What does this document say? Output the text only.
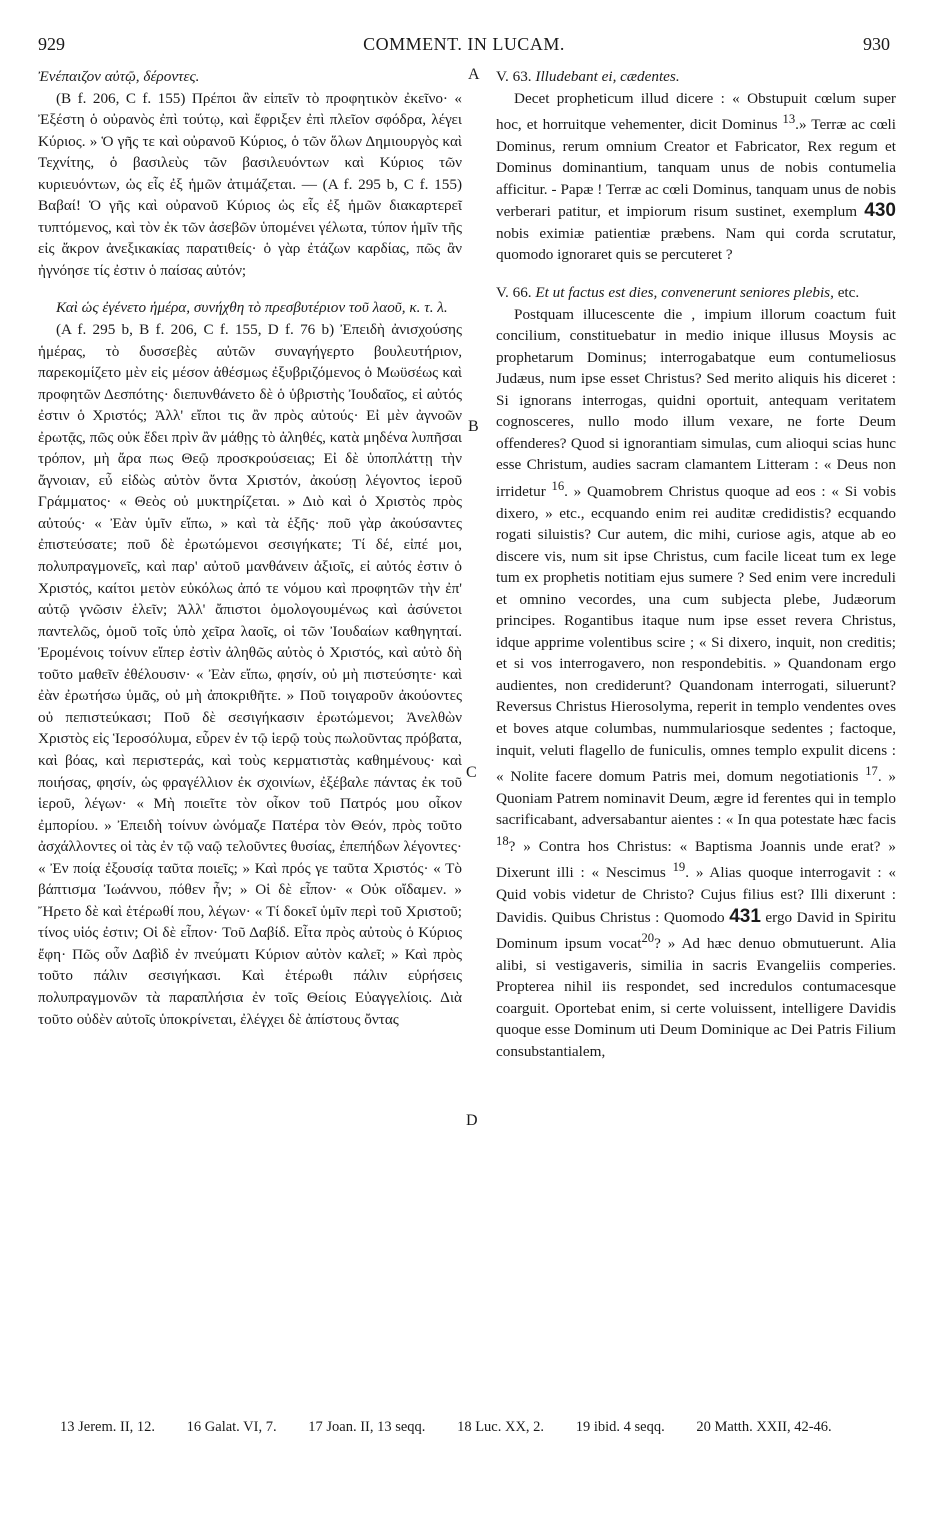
929	COMMENT. IN LUCAM.	930
A
B
C
D

Ἐνέπαιζον αὐτῷ, δέροντες.

(B f. 206, C f. 155) Πρέποι ἂν εἰπεῖν τὸ προφητικὸν ἐκεῖνο· « Ἐξέστη ὁ οὐρανὸς ἐπὶ τούτῳ, καὶ ἔφριξεν ἐπὶ πλεῖον σφόδρα, λέγει Κύριος. » Ὁ γῆς τε καὶ οὐρανοῦ Κύριος, ὁ τῶν ὅλων Δημιουργὸς καὶ Τεχνίτης, ὁ βασιλεὺς τῶν βασιλευόντων καὶ Κύριος τῶν κυριευόντων, ὡς εἷς ἐξ ἡμῶν ἀτιμάζεται. — (A f. 295 b, C f. 155) Βαβαί! Ὁ γῆς καὶ οὐρανοῦ Κύριος ὡς εἷς ἐξ ἡμῶν διακαρτερεῖ τυπτόμενος, καὶ τὸν ἐκ τῶν ἀσεβῶν ὑπομένει γέλωτα, τύπον ἡμῖν τῆς εἰς ἄκρον ἀνεξικακίας παρατιθείς· ὁ γὰρ ἐτάζων καρδίας, πῶς ἂν ἠγνόησε τίς ἐστιν ὁ παίσας αὐτόν;

Καὶ ὡς ἐγένετο ἡμέρα, συνήχθη τὸ πρεσβυτέριον τοῦ λαοῦ, κ. τ. λ.

(A f. 295 b, B f. 206, C f. 155, D f. 76 b) Ἐπειδὴ ἀνισχούσης ἡμέρας, τὸ δυσσεβὲς αὐτῶν συναγήγερτο βουλευτήριον, παρεκομίζετο μὲν εἰς μέσον ἀθέσμως ἐξυβριζόμενος ὁ Μωϋσέως καὶ προφητῶν Δεσπότης· διεπυνθάνετο δὲ ὁ ὑβριστὴς Ἰουδαῖος, εἰ αὐτός ἐστιν ὁ Χριστός; Ἀλλ' εἴποι τις ἂν πρὸς αὐτούς· Εἰ μὲν ἀγνοῶν ἐρωτᾷς, πῶς οὐκ ἔδει πρὶν ἂν μάθῃς τὸ ἀληθές, κατὰ μηδένα λυπῆσαι τρόπον, μὴ ἄρα πως Θεῷ προσκρούσειας; Εἰ δὲ ὑποπλάττῃ τὴν ἄγνοιαν, εὖ εἰδὼς αὐτὸν ὄντα Χριστόν, ἀκούσῃ λέγοντος ἱεροῦ Γράμματος· « Θεὸς οὐ μυκτηρίζεται. » Διὸ καὶ ὁ Χριστὸς πρὸς αὐτούς· « Ἐὰν ὑμῖν εἴπω, » καὶ τὰ ἑξῆς· ποῦ γὰρ ἀκούσαντες ἐπιστεύσατε; ποῦ δὲ ἐρωτώμενοι σεσιγήκατε; Τί δέ, εἰπέ μοι, πολυπραγμονεῖς, καὶ παρ' αὐτοῦ μανθάνειν ἀξιοῖς, εἰ αὐτός ἐστιν ὁ Χριστός, καίτοι μετὸν εὐκόλως ἀπό τε νόμου καὶ προφητῶν τὴν ἐπ' αὐτῷ γνῶσιν ἑλεῖν; Ἀλλ' ἄπιστοι ὁμολογουμένως καὶ ἀσύνετοι παντελῶς, ὁμοῦ τοῖς ὑπὸ χεῖρα λαοῖς, οἱ τῶν Ἰουδαίων καθηγηταί. Ἐρομένοις τοίνυν εἴπερ ἐστὶν ἀληθῶς αὐτὸς ὁ Χριστός, καὶ αὐτὸ δὴ τοῦτο μαθεῖν ἐθέλουσιν· « Ἐὰν εἴπω, φησίν, οὐ μὴ πιστεύσητε· καὶ ἐὰν ἐρωτήσω ὑμᾶς, οὐ μὴ ἀποκριθῆτε. » Ποῦ τοιγαροῦν ἀκούοντες οὐ πεπιστεύκασι; Ποῦ δὲ σεσιγήκασιν ἐρωτώμενοι; Ἀνελθὼν Χριστὸς εἰς Ἱεροσόλυμα, εὗρεν ἐν τῷ ἱερῷ τοὺς πωλοῦντας πρόβατα, καὶ βόας, καὶ περιστεράς, καὶ τοὺς κερματιστὰς καθημένους· καὶ ποιήσας, φησίν, ὡς φραγέλλιον ἐκ σχοινίων, ἐξέβαλε πάντας ἐκ τοῦ ἱεροῦ, λέγων· « Μὴ ποιεῖτε τὸν οἶκον τοῦ Πατρός μου οἶκον ἐμπορίου. » Ἐπειδὴ τοίνυν ὠνόμαζε Πατέρα τὸν Θεόν, πρὸς τοῦτο ἀσχάλλοντες οἱ τὰς ἐν τῷ ναῷ τελοῦντες θυσίας, ἐπεπήδων λέγοντες· « Ἐν ποίᾳ ἐξουσίᾳ ταῦτα ποιεῖς; » Καὶ πρός γε ταῦτα Χριστός· « Τὸ βάπτισμα Ἰωάννου, πόθεν ἦν; » Οἱ δὲ εἶπον· « Οὐκ οἴδαμεν. » Ἤρετο δὲ καὶ ἑτέρωθί που, λέγων· « Τί δοκεῖ ὑμῖν περὶ τοῦ Χριστοῦ; τίνος υἱός ἐστιν; Οἱ δὲ εἶπον· Τοῦ Δαβίδ. Εἶτα πρὸς αὐτοὺς ὁ Κύριος ἔφη· Πῶς οὖν Δαβὶδ ἐν πνεύματι Κύριον αὐτὸν καλεῖ; » Καὶ πρὸς τοῦτο πάλιν σεσιγήκασι. Καὶ ἑτέρωθι πάλιν εὑρήσεις πολυπραγμονῶν τὰ παραπλήσια ἐν τοῖς Θείοις Εὐαγγελίοις. Διὰ τοῦτο οὐδὲν αὐτοῖς ὑποκρίνεται, ἐλέγχει δὲ ἀπίστους ὄντας

V. 63. Illudebant ei, cædentes.

Decet propheticum illud dicere : « Obstupuit cœlum super hoc, et horruitque vehementer, dicit Dominus $^{13}$.» Terræ ac cœli Dominus, rerum omnium Creator et Fabricator, Rex regum et Dominus dominantium, tanquam unus de nobis contumelia afficitur. - Papæ ! Terræ ac cœli Dominus, tanquam unus de nobis verberari patitur, et impiorum risum sustinet, exemplum 430 nobis eximiæ patientiæ præbens. Nam qui corda scrutatur, quomodo ignoraret quis se percuteret ?

V. 66. Et ut factus est dies, convenerunt seniores plebis, etc.

Postquam illucescente die , impium illorum coactum fuit concilium, constituebatur in medio inique illusus Moysis ac prophetarum Dominus; interrogabatque eum contumeliosus Judæus, num ipse esset Christus? Sed merito aliquis his diceret : Si ignorans interrogas, quidni oportuit, antequam veritatem cognosceres, nullo modo illum vexare, ne forte Deum offenderes? Quod si ignorantiam simulas, cum alioqui scias hunc esse Christum, audies sacram clamantem Litteram : « Deus non irridetur $^{16}$. » Quamobrem Christus quoque ad eos : « Si vobis dixero, » etc., ecquando enim rei auditæ credidistis? ecquando rogati siluistis? Cur autem, dic mihi, curiose agis, atque ab eo discere vis, num sit ipse Christus, cum facile liceat tum ex lege tum ex prophetis notitiam ejus sumere ? Sed enim vere increduli et omnino vecordes, una cum subjecta plebe, Judæorum principes. Rogantibus itaque num ipse esset revera Christus, idque apprime volentibus scire ; « Si dixero, inquit, non creditis; et si vos interrogavero, non respondebitis. » Quandonam ergo audientes, non crediderunt? Quandonam interrogati, siluerunt? Reversus Christus Hierosolyma, reperit in templo vendentes oves et boves atque columbas, nummulariosque sedentes ; factoque, inquit, veluti flagello de funiculis, omnes templo expulit dicens : « Nolite facere domum Patris mei, domum negotiationis $^{17}$. » Quoniam Patrem nominavit Deum, ægre id ferentes qui in templo sacrificabant, adversabantur aientes : « In qua potestate hæc facis $^{18}$? » Contra hos Christus: « Baptisma Joannis unde erat? » Dixerunt illi : « Nescimus $^{19}$. » Alias quoque interrogavit : « Quid vobis videtur de Christo? Cujus filius est? Illi dixerunt : Davidis. Quibus Christus : Quomodo 431 ergo David in Spiritu Dominum ipsum vocat$^{20}$? » Ad hæc denuo obmutuerunt. Alia alibi, si vestigaveris, similia in sacris Evangeliis comperies. Propterea nihil iis respondet, sed incredulos contumacesque coarguit. Oportebat enim, si certe voluissent, intelligere Davidis quoque esse Dominum uti Deum Dominique ac Dei Patris Filium consubstantialem,

13 Jerem. II, 12. 16 Galat. VI, 7. 17 Joan. II, 13 seqq. 18 Luc. XX, 2. 19 ibid. 4 seqq. 20 Matth. XXII, 42-46.
